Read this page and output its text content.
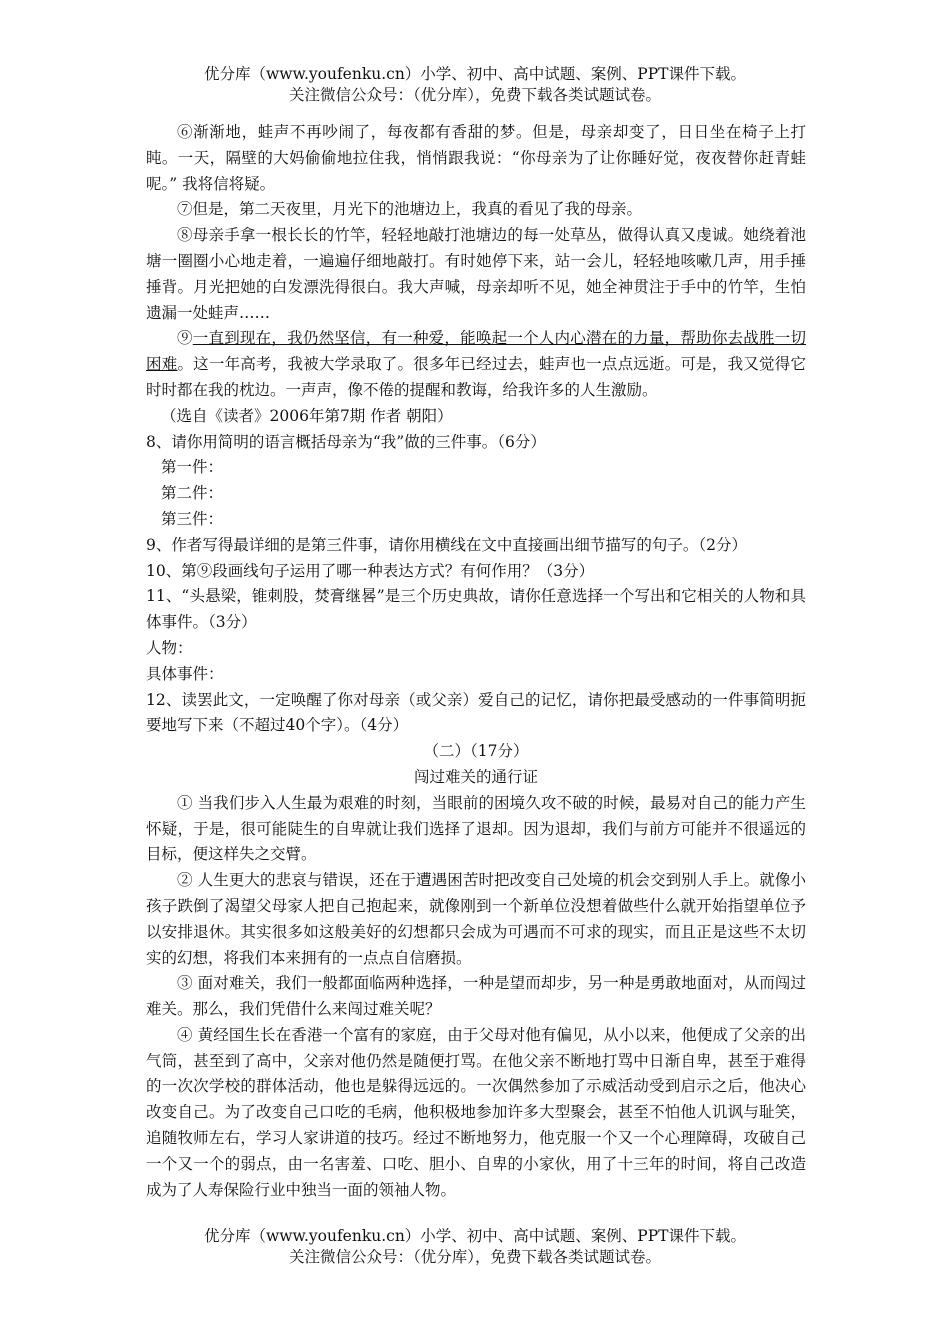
优分库（www.youfenku.cn）小学、初中、高中试题、案例、PPT课件下载。
关注微信公众号：（优分库），免费下载各类试题试卷。

⑥渐渐地，蛙声不再吵闹了，每夜都有香甜的梦。但是，母亲却变了，日日坐在椅子上打盹。一天，隔壁的大妈偷偷地拉住我，悄悄跟我说：“你母亲为了让你睡好觉，夜夜替你赶青蛙呢。” 我将信将疑。

⑦但是，第二天夜里，月光下的池塘边上，我真的看见了我的母亲。

⑧母亲手拿一根长长的竹竿，轻轻地敲打池塘边的每一处草丛，做得认真又虔诚。她绕着池塘一圈圈小心地走着，一遍遍仔细地敲打。有时她停下来，站一会儿，轻轻地咳嗽几声，用手捶捶背。月光把她的白发漂洗得很白。我大声喊，母亲却听不见，她全神贯注于手中的竹竿，生怕遗漏一处蛙声……

⑨一直到现在，我仍然坚信，有一种爱，能唤起一个人内心潜在的力量，帮助你去战胜一切困难。这一年高考，我被大学录取了。很多年已经过去，蛙声也一点点远逝。可是，我又觉得它时时都在我的枕边。一声声，像不倦的提醒和教诲，给我许多的人生激励。

（选自《读者》2006年第7期 作者 朝阳）

8、请你用简明的语言概括母亲为“我”做的三件事。（6分）

第一件：

第二件：

第三件：

9、作者写得最详细的是第三件事，请你用横线在文中直接画出细节描写的句子。（2分）

10、第⑨段画线句子运用了哪一种表达方式？有何作用？（3分）

11、“头悬梁，锥刺股，焚膏继晷”是三个历史典故，请你任意选择一个写出和它相关的人物和具体事件。（3分）

人物：

具体事件：

12、读罢此文，一定唤醒了你对母亲（或父亲）爱自己的记忆，请你把最受感动的一件事简明扼要地写下来（不超过40个字）。（4分）

（二）（17分）

闯过难关的通行证

① 当我们步入人生最为艰难的时刻，当眼前的困境久攻不破的时候，最易对自己的能力产生怀疑，于是，很可能陡生的自卑就让我们选择了退却。因为退却，我们与前方可能并不很遥远的目标，便这样失之交臂。

② 人生更大的悲哀与错误，还在于遭遇困苦时把改变自己处境的机会交到别人手上。就像小孩子跌倒了渴望父母家人把自己抱起来，就像刚到一个新单位没想着做些什么就开始指望单位予以安排退休。其实很多如这般美好的幻想都只会成为可遇而不可求的现实，而且正是这些不太切实的幻想，将我们本来拥有的一点点自信磨损。

③ 面对难关，我们一般都面临两种选择，一种是望而却步，另一种是勇敢地面对，从而闯过难关。那么，我们凭借什么来闯过难关呢？

④ 黄经国生长在香港一个富有的家庭，由于父母对他有偏见，从小以来，他便成了父亲的出气筒，甚至到了高中，父亲对他仍然是随便打骂。在他父亲不断地打骂中日渐自卑，甚至于难得的一次次学校的群体活动，他也是躲得远远的。一次偶然参加了示威活动受到启示之后，他决心改变自己。为了改变自己口吃的毛病，他积极地参加许多大型聚会，甚至不怕他人讥讽与耻笑，追随牧师左右，学习人家讲道的技巧。经过不断地努力，他克服一个又一个心理障碍，攻破自己一个又一个的弱点，由一名害羞、口吃、胆小、自卑的小家伙，用了十三年的时间，将自己改造成为了人寿保险行业中独当一面的领袖人物。

优分库（www.youfenku.cn）小学、初中、高中试题、案例、PPT课件下载。
关注微信公众号：（优分库），免费下载各类试题试卷。
